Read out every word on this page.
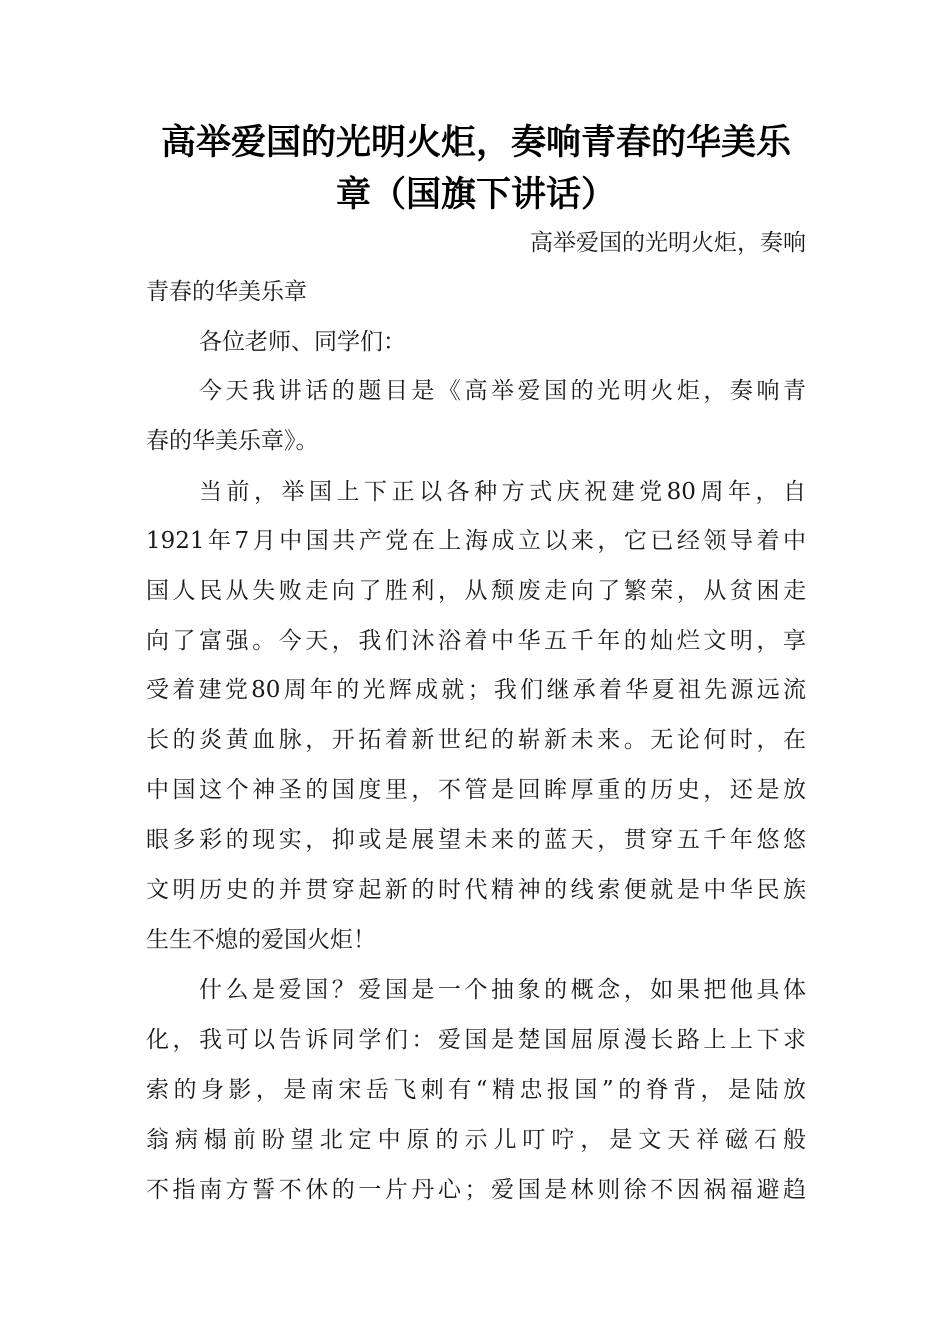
高举爱国的光明火炬，奏响青春的华美乐
章（国旗下讲话）
高举爱国的光明火炬，奏响
青春的华美乐章
各位老师、同学们：
今天我讲话的题目是《高举爱国的光明火炬，奏响青
春的华美乐章》。
当前，举国上下正以各种方式庆祝建党80周年，自
1921年7月中国共产党在上海成立以来，它已经领导着中
国人民从失败走向了胜利，从颓废走向了繁荣，从贫困走
向了富强。今天，我们沐浴着中华五千年的灿烂文明，享
受着建党80周年的光辉成就；我们继承着华夏祖先源远流
长的炎黄血脉，开拓着新世纪的崭新未来。无论何时，在
中国这个神圣的国度里，不管是回眸厚重的历史，还是放
眼多彩的现实，抑或是展望未来的蓝天，贯穿五千年悠悠
文明历史的并贯穿起新的时代精神的线索便就是中华民族
生生不熄的爱国火炬！
什么是爱国？爱国是一个抽象的概念，如果把他具体
化，我可以告诉同学们：爱国是楚国屈原漫长路上上下求
索的身影，是南宋岳飞刺有“精忠报国”的脊背，是陆放
翁病榻前盼望北定中原的示儿叮咛，是文天祥磁石般
不指南方誓不休的一片丹心；爱国是林则徐不因祸福避趋
